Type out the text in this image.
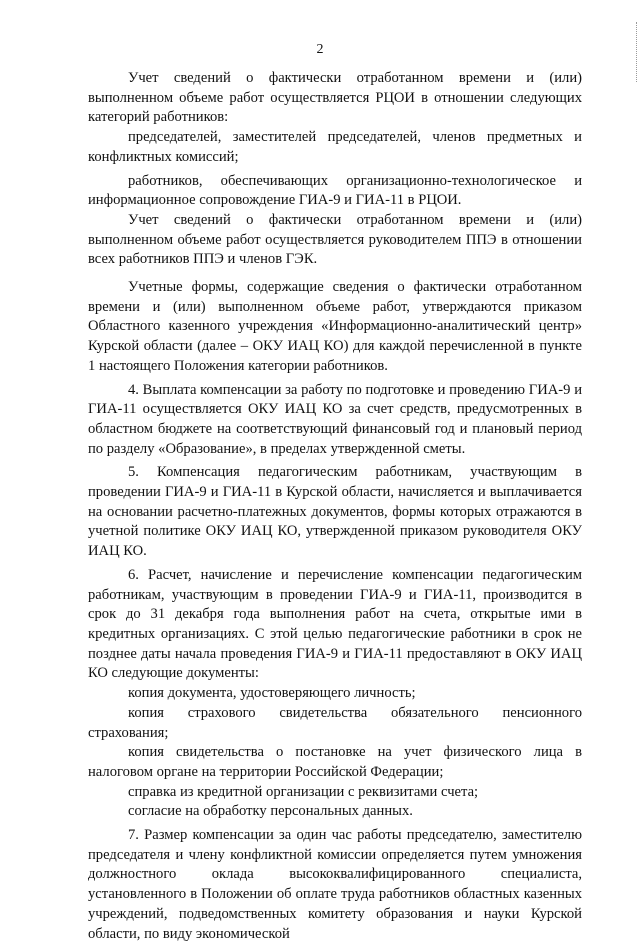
2

Учет сведений о фактически отработанном времени и (или) выполненном объеме работ осуществляется РЦОИ в отношении следующих категорий работников:

председателей, заместителей председателей, членов предметных и конфликтных комиссий;

работников, обеспечивающих организационно-технологическое и информационное сопровождение ГИА-9 и ГИА-11 в РЦОИ.

Учет сведений о фактически отработанном времени и (или) выполненном объеме работ осуществляется руководителем ППЭ в отношении всех работников ППЭ и членов ГЭК.

Учетные формы, содержащие сведения о фактически отработанном времени и (или) выполненном объеме работ, утверждаются приказом Областного казенного учреждения «Информационно-аналитический центр» Курской области (далее – ОКУ ИАЦ КО) для каждой перечисленной в пункте 1 настоящего Положения категории работников.

4. Выплата компенсации за работу по подготовке и проведению ГИА-9 и ГИА-11 осуществляется ОКУ ИАЦ КО за счет средств, предусмотренных в областном бюджете на соответствующий финансовый год и плановый период по разделу «Образование», в пределах утвержденной сметы.

5. Компенсация педагогическим работникам, участвующим в проведении ГИА-9 и ГИА-11 в Курской области, начисляется и выплачивается на основании расчетно-платежных документов, формы которых отражаются в учетной политике ОКУ ИАЦ КО, утвержденной приказом руководителя ОКУ ИАЦ КО.

6. Расчет, начисление и перечисление компенсации педагогическим работникам, участвующим в проведении ГИА-9 и ГИА-11, производится в срок до 31 декабря года выполнения работ на счета, открытые ими в кредитных организациях. С этой целью педагогические работники в срок не позднее даты начала проведения ГИА-9 и ГИА-11 предоставляют в ОКУ ИАЦ КО следующие документы:

копия документа, удостоверяющего личность;

копия страхового свидетельства обязательного пенсионного страхования;

копия свидетельства о постановке на учет физического лица в налоговом органе на территории Российской Федерации;

справка из кредитной организации с реквизитами счета;

согласие на обработку персональных данных.

7. Размер компенсации за один час работы председателю, заместителю председателя и члену конфликтной комиссии определяется путем умножения должностного оклада высококвалифицированного специалиста, установленного в Положении об оплате труда работников областных казенных учреждений, подведомственных комитету образования и науки Курской области, по виду экономической
